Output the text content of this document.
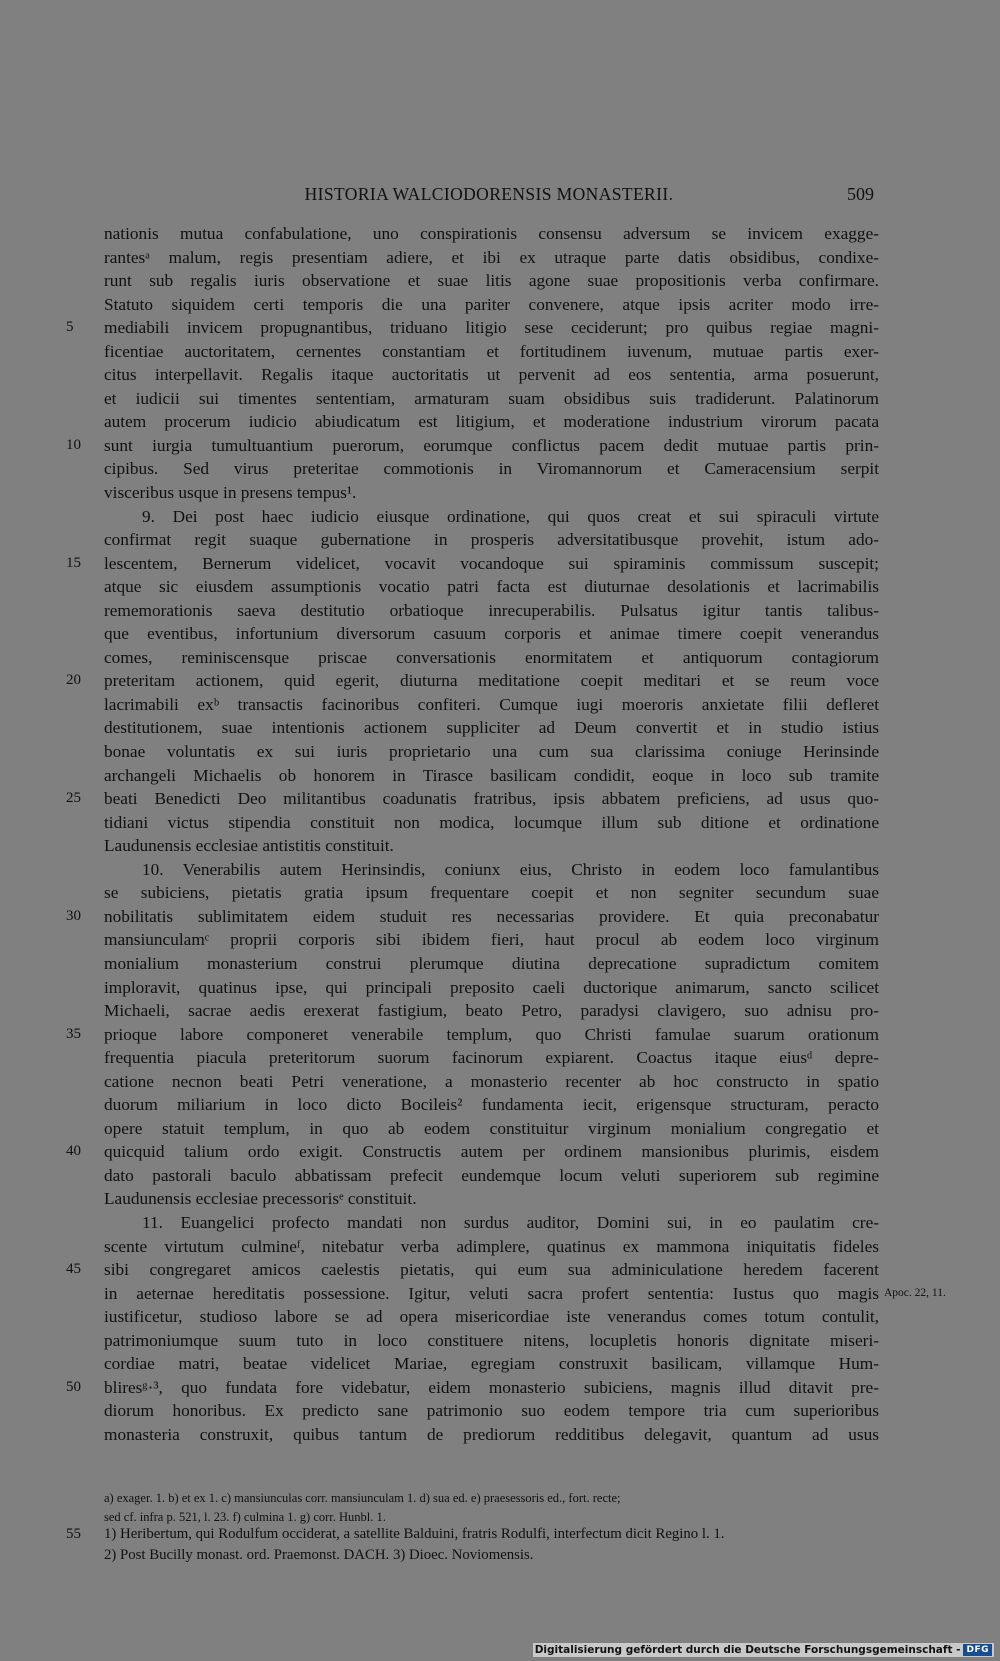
HISTORIA WALCIODORENSIS MONASTERII.	509
nationis mutua confabulatione, uno conspirationis consensu adversum se invicem exagge-
rantesᵃ malum, regis presentiam adiere, et ibi ex utraque parte datis obsidibus, condixe-
runt sub regalis iuris observatione et suae litis agone suae propositionis verba confirmare.
Statuto siquidem certi temporis die una pariter convenere, atque ipsis acriter modo irre-
5	mediabili invicem propugnantibus, triduano litigio sese ceciderunt; pro quibus regiae magni-
ficentiae auctoritatem, cernentes constantiam et fortitudinem iuvenum, mutuae partis exer-
citus interpellavit. Regalis itaque auctoritatis ut pervenit ad eos sententia, arma posuerunt,
et iudicii sui timentes sententiam, armaturam suam obsidibus suis tradiderunt. Palatinorum
autem procerum iudicio abiudicatum est litigium, et moderatione industrium virorum pacata
10	sunt iurgia tumultuantium puerorum, eorumque conflictus pacem dedit mutuae partis prin-
cipibus. Sed virus preteritae commotionis in Viromannorum et Cameracensium serpit
visceribus usque in presens tempus¹.
9. Dei post haec iudicio eiusque ordinatione, qui quos creat et sui spiraculi virtute
confirmat regit suaque gubernatione in prosperis adversitatibusque provehit, istum ado-
15	lescentem, Bernerum videlicet, vocavit vocandoque sui spiraminis commissum suscepit;
atque sic eiusdem assumptionis vocatio patri facta est diuturnae desolationis et lacrimabilis
rememorationis saeva destitutio orbatioque inrecuperabilis. Pulsatus igitur tantis talibus-
que eventibus, infortunium diversorum casuum corporis et animae timere coepit venerandus
comes, reminiscensque priscae conversationis enormitatem et antiquorum contagiorum
20	preteritam actionem, quid egerit, diuturna meditatione coepit meditari et se reum voce
lacrimabili exᵇ transactis facinoribus confiteri. Cumque iugi moeroris anxietate filii defleret
destitutionem, suae intentionis actionem suppliciter ad Deum convertit et in studio istius
bonae voluntatis ex sui iuris proprietario una cum sua clarissima coniuge Herinsinde
archangeli Michaelis ob honorem in Tirasce basilicam condidit, eoque in loco sub tramite
25	beati Benedicti Deo militantibus coadunatis fratribus, ipsis abbatem preficiens, ad usus quo-
tidiani victus stipendia constituit non modica, locumque illum sub ditione et ordinatione
Laudunensis ecclesiae antistitis constituit.
10. Venerabilis autem Herinsindis, coniunx eius, Christo in eodem loco famulantibus
se subiciens, pietatis gratia ipsum frequentare coepit et non segniter secundum suae
30	nobilitatis sublimitatem eidem studuit res necessarias providere. Et quia preconabatur
mansiunculamᶜ proprii corporis sibi ibidem fieri, haut procul ab eodem loco virginum
monialium monasterium construi plerumque diutina deprecatione supradictum comitem
imploravit, quatinus ipse, qui principali preposito caeli ductorique animarum, sancto scilicet
Michaeli, sacrae aedis erexerat fastigium, beato Petro, paradysi clavigero, suo adnisu pro-
35	prioque labore componeret venerabile templum, quo Christi famulae suarum orationum
frequentia piacula preteritorum suorum facinorum expiarent. Coactus itaque eiusᵈ depre-
catione necnon beati Petri veneratione, a monasterio recenter ab hoc constructo in spatio
duorum miliarium in loco dicto Bocileis² fundamenta iecit, erigensque structuram, peracto
opere statuit templum, in quo ab eodem constituitur virginum monialium congregatio et
40	quicquid talium ordo exigit. Constructis autem per ordinem mansionibus plurimis, eisdem
dato pastorali baculo abbatissam prefecit eundemque locum veluti superiorem sub regimine
Laudunensis ecclesiae precessorisᵉ constituit.
11. Euangelici profecto mandati non surdus auditor, Domini sui, in eo paulatim cre-
scente virtutum culmineᶠ, nitebatur verba adimplere, quatinus ex mammona iniquitatis fideles
45	sibi congregaret amicos caelestis pietatis, qui eum sua adminiculatione heredem facerent
in aeternae hereditatis possessione. Igitur, veluti sacra profert sententia: Iustus quo magis Apoc. 22, 11.
iustificetur, studioso labore se ad opera misericordiae iste venerandus comes totum contulit,
patrimoniumque suum tuto in loco constituere nitens, locupletis honoris dignitate miseri-
cordiae matri, beatae videlicet Mariae, egregiam construxit basilicam, villamque Hum-
50	bliresᵍ·³, quo fundata fore videbatur, eidem monasterio subiciens, magnis illud ditavit pre-
diorum honoribus. Ex predicto sane patrimonio suo eodem tempore tria cum superioribus
monasteria construxit, quibus tantum de prediorum redditibus delegavit, quantum ad usus
a) exager. 1. b) et ex 1. c) mansiunculas corr. mansiunculam 1. d) sua ed. e) praesessoris ed., fort. recte;
sed cf. infra p. 521, l. 23. f) culmina 1. g) corr. Hunbl. 1.
55	1) Heribertum, qui Rodulfum occiderat, a satellite Balduini, fratris Rodulfi, interfectum dicit Regino l. 1.
2) Post Bucilly monast. ord. Praemonst. DACH. 3) Dioec. Noviomensis.
Digitalisierung gefördert durch die Deutsche Forschungsgemeinschaft - DFG
